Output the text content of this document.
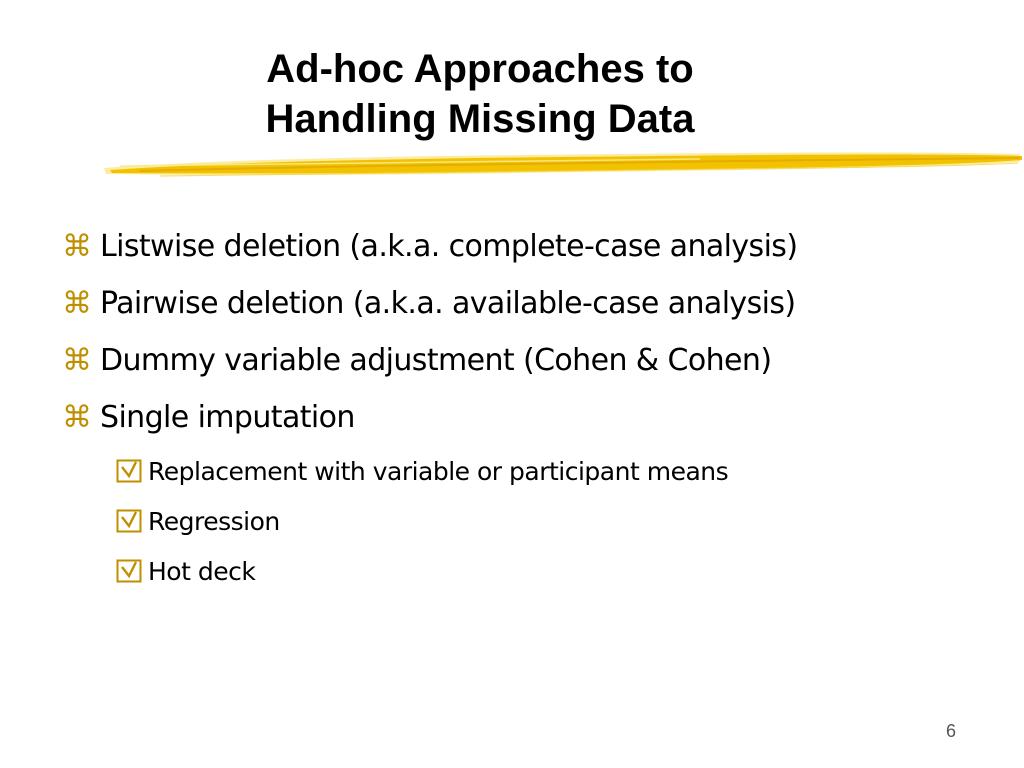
Ad-hoc Approaches to
Handling Missing Data
⌘ Listwise deletion (a.k.a. complete-case analysis)
⌘ Pairwise deletion (a.k.a. available-case analysis)
⌘ Dummy variable adjustment (Cohen & Cohen)
⌘ Single imputation
Replacement with variable or participant means
Regression
Hot deck
6
